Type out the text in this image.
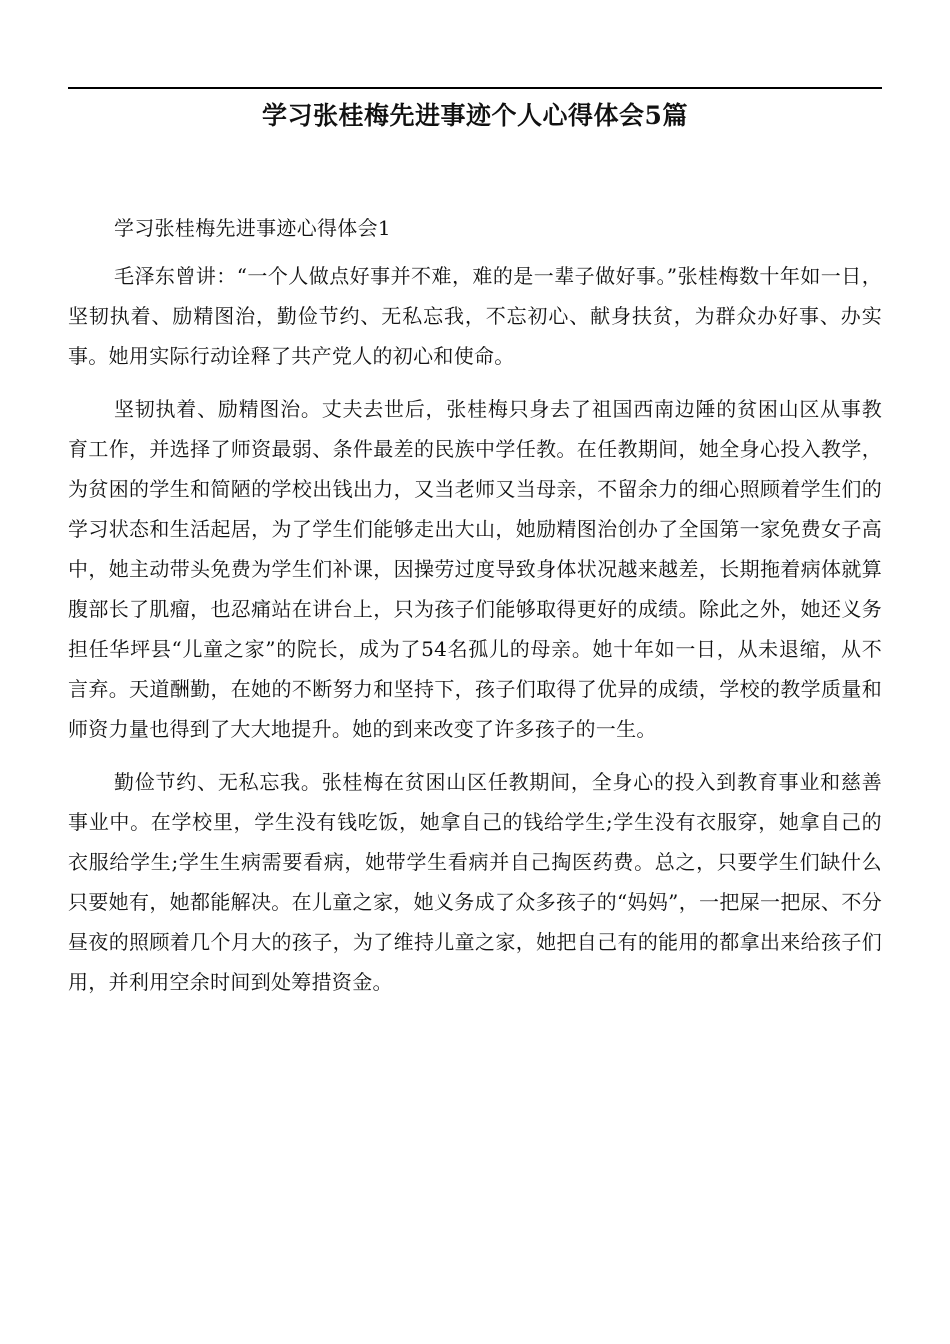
学习张桂梅先进事迹个人心得体会5篇

学习张桂梅先进事迹心得体会1

毛泽东曾讲：“一个人做点好事并不难，难的是一辈子做好事。”张桂梅数十年如一日，坚韧执着、励精图治，勤俭节约、无私忘我，不忘初心、献身扶贫，为群众办好事、办实事。她用实际行动诠释了共产党人的初心和使命。

坚韧执着、励精图治。丈夫去世后，张桂梅只身去了祖国西南边陲的贫困山区从事教育工作，并选择了师资最弱、条件最差的民族中学任教。在任教期间，她全身心投入教学，为贫困的学生和简陋的学校出钱出力，又当老师又当母亲，不留余力的细心照顾着学生们的学习状态和生活起居，为了学生们能够走出大山，她励精图治创办了全国第一家免费女子高中，她主动带头免费为学生们补课，因操劳过度导致身体状况越来越差，长期拖着病体就算腹部长了肌瘤，也忍痛站在讲台上，只为孩子们能够取得更好的成绩。除此之外，她还义务担任华坪县“儿童之家”的院长，成为了54名孤儿的母亲。她十年如一日，从未退缩，从不言弃。天道酬勤，在她的不断努力和坚持下，孩子们取得了优异的成绩，学校的教学质量和师资力量也得到了大大地提升。她的到来改变了许多孩子的一生。

勤俭节约、无私忘我。张桂梅在贫困山区任教期间，全身心的投入到教育事业和慈善事业中。在学校里，学生没有钱吃饭，她拿自己的钱给学生;学生没有衣服穿，她拿自己的衣服给学生;学生生病需要看病，她带学生看病并自己掏医药费。总之，只要学生们缺什么只要她有，她都能解决。在儿童之家，她义务成了众多孩子的“妈妈”，一把屎一把尿、不分昼夜的照顾着几个月大的孩子，为了维持儿童之家，她把自己有的能用的都拿出来给孩子们用，并利用空余时间到处筹措资金。
